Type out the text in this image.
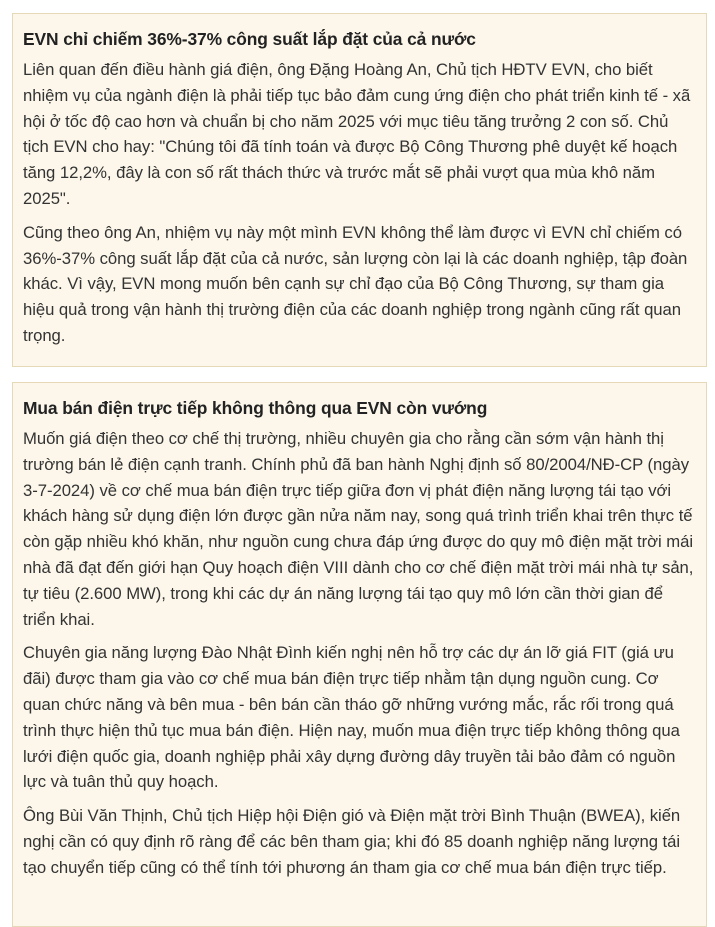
EVN chỉ chiếm 36%-37% công suất lắp đặt của cả nước

Liên quan đến điều hành giá điện, ông Đặng Hoàng An, Chủ tịch HĐTV EVN, cho biết nhiệm vụ của ngành điện là phải tiếp tục bảo đảm cung ứng điện cho phát triển kinh tế - xã hội ở tốc độ cao hơn và chuẩn bị cho năm 2025 với mục tiêu tăng trưởng 2 con số. Chủ tịch EVN cho hay: "Chúng tôi đã tính toán và được Bộ Công Thương phê duyệt kế hoạch tăng 12,2%, đây là con số rất thách thức và trước mắt sẽ phải vượt qua mùa khô năm 2025".

Cũng theo ông An, nhiệm vụ này một mình EVN không thể làm được vì EVN chỉ chiếm có 36%-37% công suất lắp đặt của cả nước, sản lượng còn lại là các doanh nghiệp, tập đoàn khác. Vì vậy, EVN mong muốn bên cạnh sự chỉ đạo của Bộ Công Thương, sự tham gia hiệu quả trong vận hành thị trường điện của các doanh nghiệp trong ngành cũng rất quan trọng.

Mua bán điện trực tiếp không thông qua EVN còn vướng

Muốn giá điện theo cơ chế thị trường, nhiều chuyên gia cho rằng cần sớm vận hành thị trường bán lẻ điện cạnh tranh. Chính phủ đã ban hành Nghị định số 80/2004/NĐ-CP (ngày 3-7-2024) về cơ chế mua bán điện trực tiếp giữa đơn vị phát điện năng lượng tái tạo với khách hàng sử dụng điện lớn được gần nửa năm nay, song quá trình triển khai trên thực tế còn gặp nhiều khó khăn, như nguồn cung chưa đáp ứng được do quy mô điện mặt trời mái nhà đã đạt đến giới hạn Quy hoạch điện VIII dành cho cơ chế điện mặt trời mái nhà tự sản, tự tiêu (2.600 MW), trong khi các dự án năng lượng tái tạo quy mô lớn cần thời gian để triển khai.

Chuyên gia năng lượng Đào Nhật Đình kiến nghị nên hỗ trợ các dự án lỡ giá FIT (giá ưu đãi) được tham gia vào cơ chế mua bán điện trực tiếp nhằm tận dụng nguồn cung. Cơ quan chức năng và bên mua - bên bán cần tháo gỡ những vướng mắc, rắc rối trong quá trình thực hiện thủ tục mua bán điện. Hiện nay, muốn mua điện trực tiếp không thông qua lưới điện quốc gia, doanh nghiệp phải xây dựng đường dây truyền tải bảo đảm có nguồn lực và tuân thủ quy hoạch.

Ông Bùi Văn Thịnh, Chủ tịch Hiệp hội Điện gió và Điện mặt trời Bình Thuận (BWEA), kiến nghị cần có quy định rõ ràng để các bên tham gia; khi đó 85 doanh nghiệp năng lượng tái tạo chuyển tiếp cũng có thể tính tới phương án tham gia cơ chế mua bán điện trực tiếp.
